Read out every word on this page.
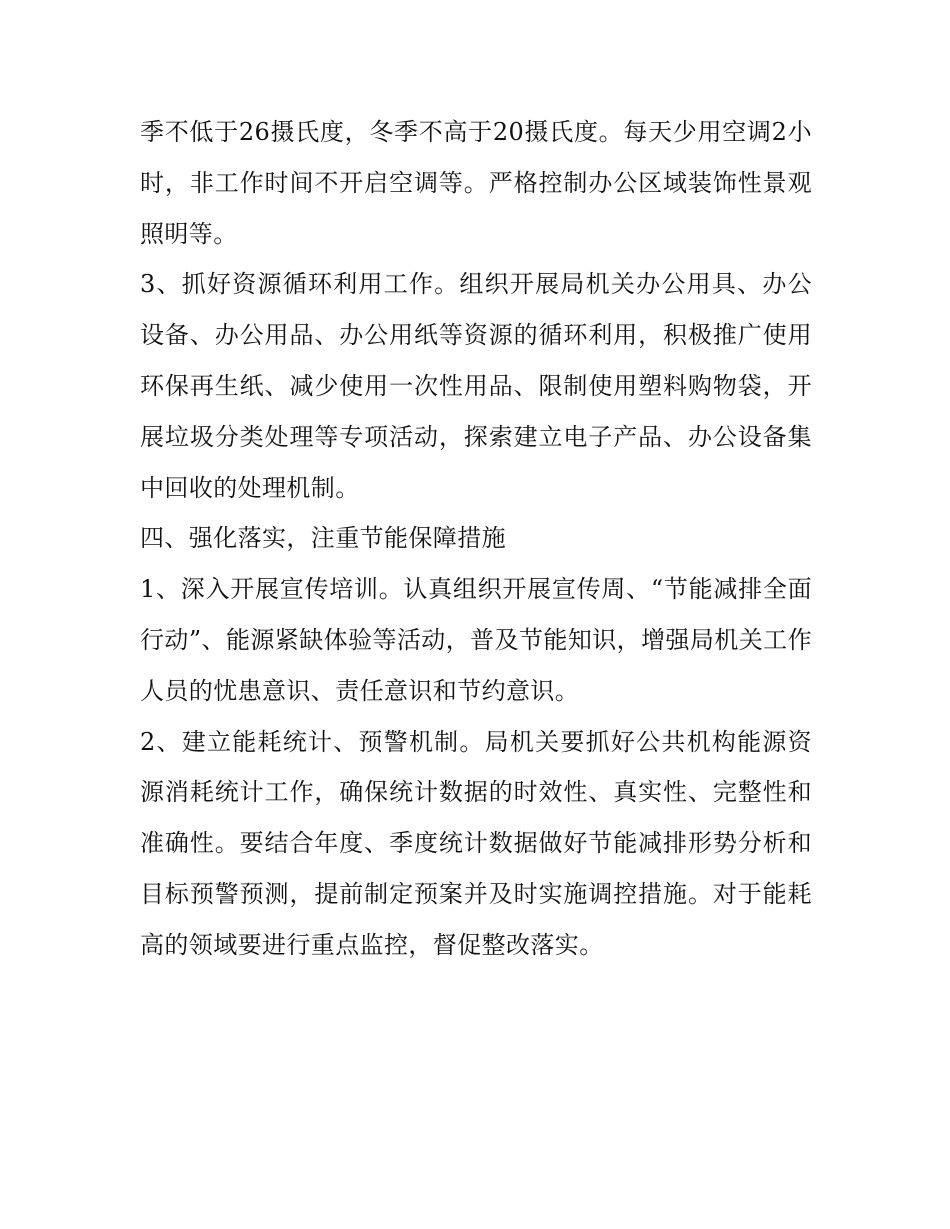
季不低于26摄氏度，冬季不高于20摄氏度。每天少用空调2小时，非工作时间不开启空调等。严格控制办公区域装饰性景观照明等。

3、抓好资源循环利用工作。组织开展局机关办公用具、办公设备、办公用品、办公用纸等资源的循环利用，积极推广使用环保再生纸、减少使用一次性用品、限制使用塑料购物袋，开展垃圾分类处理等专项活动，探索建立电子产品、办公设备集中回收的处理机制。

四、强化落实，注重节能保障措施

1、深入开展宣传培训。认真组织开展宣传周、“节能减排全面行动”、能源紧缺体验等活动，普及节能知识，增强局机关工作人员的忧患意识、责任意识和节约意识。

2、建立能耗统计、预警机制。局机关要抓好公共机构能源资源消耗统计工作，确保统计数据的时效性、真实性、完整性和准确性。要结合年度、季度统计数据做好节能减排形势分析和目标预警预测，提前制定预案并及时实施调控措施。对于能耗高的领域要进行重点监控，督促整改落实。
